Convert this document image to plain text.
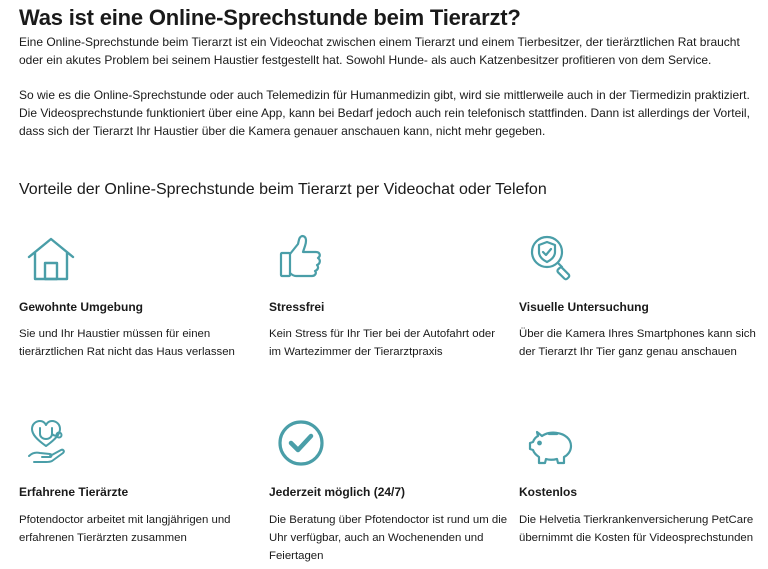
Was ist eine Online-Sprechstunde beim Tierarzt?

Eine Online-Sprechstunde beim Tierarzt ist ein Videochat zwischen einem Tierarzt und einem Tierbesitzer, der tierärztlichen Rat braucht oder ein akutes Problem bei seinem Haustier festgestellt hat. Sowohl Hunde- als auch Katzenbesitzer profitieren von dem Service.

So wie es die Online-Sprechstunde oder auch Telemedizin für Humanmedizin gibt, wird sie mittlerweile auch in der Tiermedizin praktiziert. Die Videosprechstunde funktioniert über eine App, kann bei Bedarf jedoch auch rein telefonisch stattfinden. Dann ist allerdings der Vorteil, dass sich der Tierarzt Ihr Haustier über die Kamera genauer anschauen kann, nicht mehr gegeben.

Vorteile der Online-Sprechstunde beim Tierarzt per Videochat oder Telefon
Gewohnte Umgebung

Sie und Ihr Haustier müssen für einen tierärztlichen Rat nicht das Haus verlassen

Stressfrei

Kein Stress für Ihr Tier bei der Autofahrt oder im Wartezimmer der Tierarztpraxis

Visuelle Untersuchung

Über die Kamera Ihres Smartphones kann sich der Tierarzt Ihr Tier ganz genau anschauen

Erfahrene Tierärzte

Pfotendoctor arbeitet mit langjährigen und erfahrenen Tierärzten zusammen

Jederzeit möglich (24/7)

Die Beratung über Pfotendoctor ist rund um die Uhr verfügbar, auch an Wochenenden und Feiertagen

Kostenlos

Die Helvetia Tierkrankenversicherung PetCare übernimmt die Kosten für Videosprechstunden
